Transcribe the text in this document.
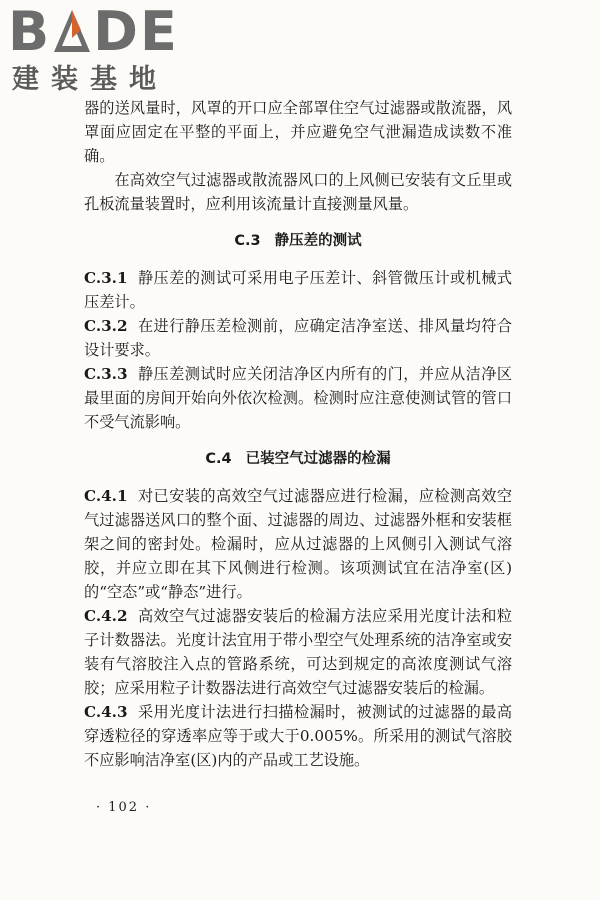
B DE
建装基地

器的送风量时，风罩的开口应全部罩住空气过滤器或散流器，风罩面应固定在平整的平面上，并应避免空气泄漏造成读数不准确。

在高效空气过滤器或散流器风口的上风侧已安装有文丘里或孔板流量装置时，应利用该流量计直接测量风量。

C.3 静压差的测试

C.3.1 静压差的测试可采用电子压差计、斜管微压计或机械式压差计。

C.3.2 在进行静压差检测前，应确定洁净室送、排风量均符合设计要求。

C.3.3 静压差测试时应关闭洁净区内所有的门，并应从洁净区最里面的房间开始向外依次检测。检测时应注意使测试管的管口不受气流影响。

C.4 已装空气过滤器的检漏

C.4.1 对已安装的高效空气过滤器应进行检漏，应检测高效空气过滤器送风口的整个面、过滤器的周边、过滤器外框和安装框架之间的密封处。检漏时，应从过滤器的上风侧引入测试气溶胶，并应立即在其下风侧进行检测。该项测试宜在洁净室(区)的“空态”或“静态”进行。

C.4.2 高效空气过滤器安装后的检漏方法应采用光度计法和粒子计数器法。光度计法宜用于带小型空气处理系统的洁净室或安装有气溶胶注入点的管路系统，可达到规定的高浓度测试气溶胶；应采用粒子计数器法进行高效空气过滤器安装后的检漏。

C.4.3 采用光度计法进行扫描检漏时，被测试的过滤器的最高穿透粒径的穿透率应等于或大于0.005%。所采用的测试气溶胶不应影响洁净室(区)内的产品或工艺设施。

· 102 ·
